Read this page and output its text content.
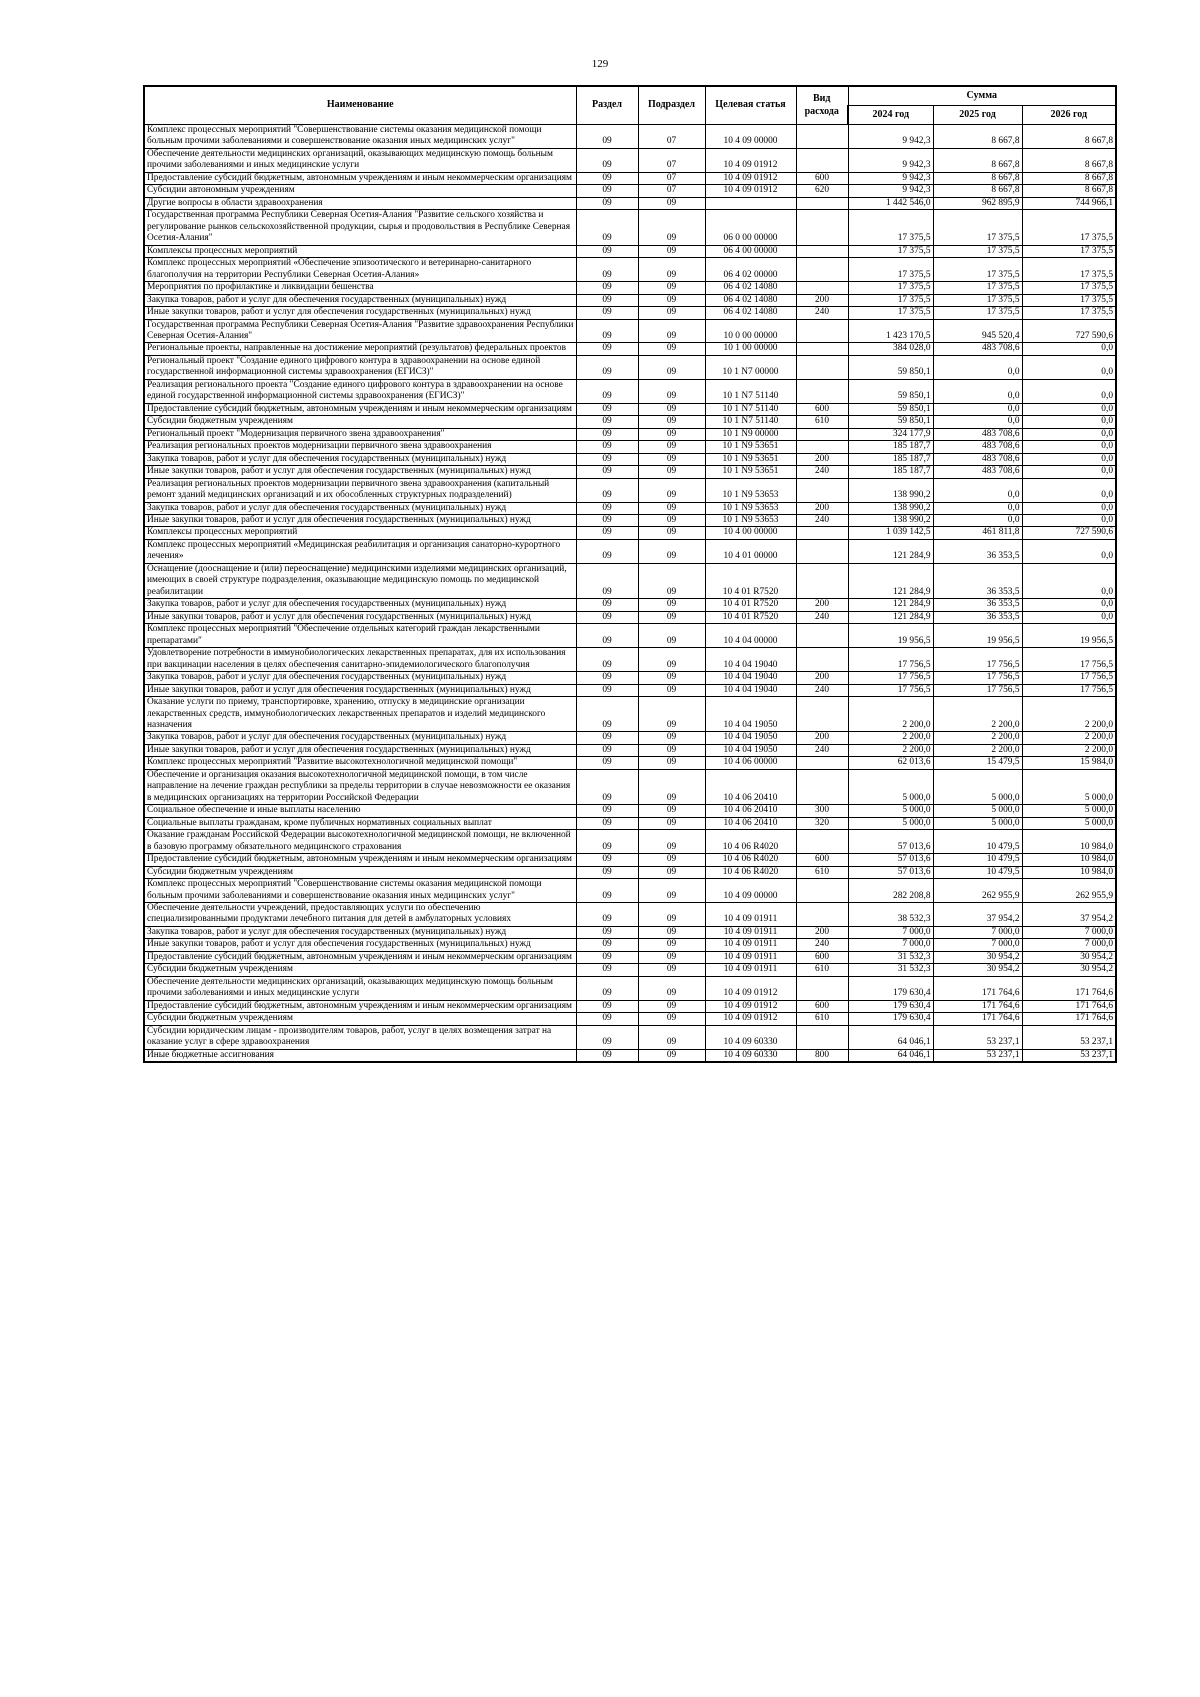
129
Наименование	Раздел	Подраздел	Целевая статья	Вид расхода	Сумма		
					2024 год	2025 год	2026 год
Комплекс процессных мероприятий "Совершенствование системы оказания медицинской помощи больным прочими заболеваниями и совершенствование оказания иных медицинских услуг"	09	07	10 4 09 00000		9 942,3	8 667,8	8 667,8
Обеспечение деятельности медицинских организаций, оказывающих медицинскую помощь больным прочими заболеваниями и иных медицинские услуги	09	07	10 4 09 01912		9 942,3	8 667,8	8 667,8
Предоставление субсидий бюджетным, автономным учреждениям и иным некоммерческим организациям	09	07	10 4 09 01912	600	9 942,3	8 667,8	8 667,8
Субсидии автономным учреждениям	09	07	10 4 09 01912	620	9 942,3	8 667,8	8 667,8
Другие вопросы в области здравоохранения	09	09			1 442 546,0	962 895,9	744 966,1
Государственная программа Республики Северная Осетия-Алания "Развитие сельского хозяйства и регулирование рынков сельскохозяйственной продукции, сырья и продовольствия в Республике Северная Осетия-Алания"	09	09	06 0 00 00000		17 375,5	17 375,5	17 375,5
Комплексы процессных мероприятий	09	09	06 4 00 00000		17 375,5	17 375,5	17 375,5
Комплекс процессных мероприятий «Обеспечение эпизоотического и ветеринарно-санитарного благополучия на территории Республики Северная Осетия-Алания»	09	09	06 4 02 00000		17 375,5	17 375,5	17 375,5
Мероприятия по профилактике и ликвидации бешенства	09	09	06 4 02 14080		17 375,5	17 375,5	17 375,5
Закупка товаров, работ и услуг для обеспечения государственных (муниципальных) нужд	09	09	06 4 02 14080	200	17 375,5	17 375,5	17 375,5
Иные закупки товаров, работ и услуг для обеспечения государственных (муниципальных) нужд	09	09	06 4 02 14080	240	17 375,5	17 375,5	17 375,5
Государственная программа Республики Северная Осетия-Алания "Развитие здравоохранения Республики Северная Осетия-Алания"	09	09	10 0 00 00000		1 423 170,5	945 520,4	727 590,6
Региональные проекты, направленные на достижение мероприятий (результатов) федеральных проектов	09	09	10 1 00 00000		384 028,0	483 708,6	0,0
Региональный проект "Создание единого цифрового контура в здравоохранении на основе единой государственной информационной системы здравоохранения (ЕГИСЗ)"	09	09	10 1 N7 00000		59 850,1	0,0	0,0
Реализация регионального проекта "Создание единого цифрового контура в здравоохранении на основе единой государственной информационной системы здравоохранения (ЕГИСЗ)"	09	09	10 1 N7 51140		59 850,1	0,0	0,0
Предоставление субсидий бюджетным, автономным учреждениям и иным некоммерческим организациям	09	09	10 1 N7 51140	600	59 850,1	0,0	0,0
Субсидии бюджетным учреждениям	09	09	10 1 N7 51140	610	59 850,1	0,0	0,0
Региональный проект "Модернизация первичного звена здравоохранения"	09	09	10 1 N9 00000		324 177,9	483 708,6	0,0
Реализация региональных проектов модернизации первичного звена здравоохранения	09	09	10 1 N9 53651		185 187,7	483 708,6	0,0
Закупка товаров, работ и услуг для обеспечения государственных (муниципальных) нужд	09	09	10 1 N9 53651	200	185 187,7	483 708,6	0,0
Иные закупки товаров, работ и услуг для обеспечения государственных (муниципальных) нужд	09	09	10 1 N9 53651	240	185 187,7	483 708,6	0,0
Реализация региональных проектов модернизации первичного звена здравоохранения (капитальный ремонт зданий медицинских организаций и их обособленных структурных подразделений)	09	09	10 1 N9 53653		138 990,2	0,0	0,0
Закупка товаров, работ и услуг для обеспечения государственных (муниципальных) нужд	09	09	10 1 N9 53653	200	138 990,2	0,0	0,0
Иные закупки товаров, работ и услуг для обеспечения государственных (муниципальных) нужд	09	09	10 1 N9 53653	240	138 990,2	0,0	0,0
Комплексы процессных мероприятий	09	09	10 4 00 00000		1 039 142,5	461 811,8	727 590,6
Комплекс процессных мероприятий «Медицинская реабилитация и организация санаторно-курортного лечения»	09	09	10 4 01 00000		121 284,9	36 353,5	0,0
Оснащение (дооснащение и (или) переоснащение) медицинскими изделиями медицинских организаций, имеющих в своей структуре подразделения, оказывающие медицинскую помощь по медицинской реабилитации	09	09	10 4 01 R7520		121 284,9	36 353,5	0,0
Закупка товаров, работ и услуг для обеспечения государственных (муниципальных) нужд	09	09	10 4 01 R7520	200	121 284,9	36 353,5	0,0
Иные закупки товаров, работ и услуг для обеспечения государственных (муниципальных) нужд	09	09	10 4 01 R7520	240	121 284,9	36 353,5	0,0
Комплекс процессных мероприятий "Обеспечение отдельных категорий граждан лекарственными препаратами"	09	09	10 4 04 00000		19 956,5	19 956,5	19 956,5
Удовлетворение потребности в иммунобиологических лекарственных препаратах, для их использования при вакцинации населения в целях обеспечения санитарно-эпидемиологического благополучия	09	09	10 4 04 19040		17 756,5	17 756,5	17 756,5
Закупка товаров, работ и услуг для обеспечения государственных (муниципальных) нужд	09	09	10 4 04 19040	200	17 756,5	17 756,5	17 756,5
Иные закупки товаров, работ и услуг для обеспечения государственных (муниципальных) нужд	09	09	10 4 04 19040	240	17 756,5	17 756,5	17 756,5
Оказание услуги по приему, транспортировке, хранению, отпуску в медицинские организации лекарственных средств, иммунобиологических лекарственных препаратов и изделий медицинского назначения	09	09	10 4 04 19050		2 200,0	2 200,0	2 200,0
Закупка товаров, работ и услуг для обеспечения государственных (муниципальных) нужд	09	09	10 4 04 19050	200	2 200,0	2 200,0	2 200,0
Иные закупки товаров, работ и услуг для обеспечения государственных (муниципальных) нужд	09	09	10 4 04 19050	240	2 200,0	2 200,0	2 200,0
Комплекс процессных мероприятий "Развитие высокотехнологичной медицинской помощи"	09	09	10 4 06 00000		62 013,6	15 479,5	15 984,0
Обеспечение и организация оказания высокотехнологичной медицинской помощи, в том числе направление на лечение граждан республики за пределы территории в случае невозможности ее оказания в медицинских организациях на территории Российской Федерации	09	09	10 4 06 20410		5 000,0	5 000,0	5 000,0
Социальное обеспечение и иные выплаты населению	09	09	10 4 06 20410	300	5 000,0	5 000,0	5 000,0
Социальные выплаты гражданам, кроме публичных нормативных социальных выплат	09	09	10 4 06 20410	320	5 000,0	5 000,0	5 000,0
Оказание гражданам Российской Федерации высокотехнологичной медицинской помощи, не включенной в базовую программу обязательного медицинского страхования	09	09	10 4 06 R4020		57 013,6	10 479,5	10 984,0
Предоставление субсидий бюджетным, автономным учреждениям и иным некоммерческим организациям	09	09	10 4 06 R4020	600	57 013,6	10 479,5	10 984,0
Субсидии бюджетным учреждениям	09	09	10 4 06 R4020	610	57 013,6	10 479,5	10 984,0
Комплекс процессных мероприятий "Совершенствование системы оказания медицинской помощи больным прочими заболеваниями и совершенствование оказания иных медицинских услуг"	09	09	10 4 09 00000		282 208,8	262 955,9	262 955,9
Обеспечение деятельности учреждений, предоставляющих услуги по обеспечению специализированными продуктами лечебного питания для детей в амбулаторных условиях	09	09	10 4 09 01911		38 532,3	37 954,2	37 954,2
Закупка товаров, работ и услуг для обеспечения государственных (муниципальных) нужд	09	09	10 4 09 01911	200	7 000,0	7 000,0	7 000,0
Иные закупки товаров, работ и услуг для обеспечения государственных (муниципальных) нужд	09	09	10 4 09 01911	240	7 000,0	7 000,0	7 000,0
Предоставление субсидий бюджетным, автономным учреждениям и иным некоммерческим организациям	09	09	10 4 09 01911	600	31 532,3	30 954,2	30 954,2
Субсидии бюджетным учреждениям	09	09	10 4 09 01911	610	31 532,3	30 954,2	30 954,2
Обеспечение деятельности медицинских организаций, оказывающих медицинскую помощь больным прочими заболеваниями и иных медицинские услуги	09	09	10 4 09 01912		179 630,4	171 764,6	171 764,6
Предоставление субсидий бюджетным, автономным учреждениям и иным некоммерческим организациям	09	09	10 4 09 01912	600	179 630,4	171 764,6	171 764,6
Субсидии бюджетным учреждениям	09	09	10 4 09 01912	610	179 630,4	171 764,6	171 764,6
Субсидии юридическим лицам - производителям товаров, работ, услуг в целях возмещения затрат на оказание услуг в сфере здравоохранения	09	09	10 4 09 60330		64 046,1	53 237,1	53 237,1
Иные бюджетные ассигнования	09	09	10 4 09 60330	800	64 046,1	53 237,1	53 237,1
